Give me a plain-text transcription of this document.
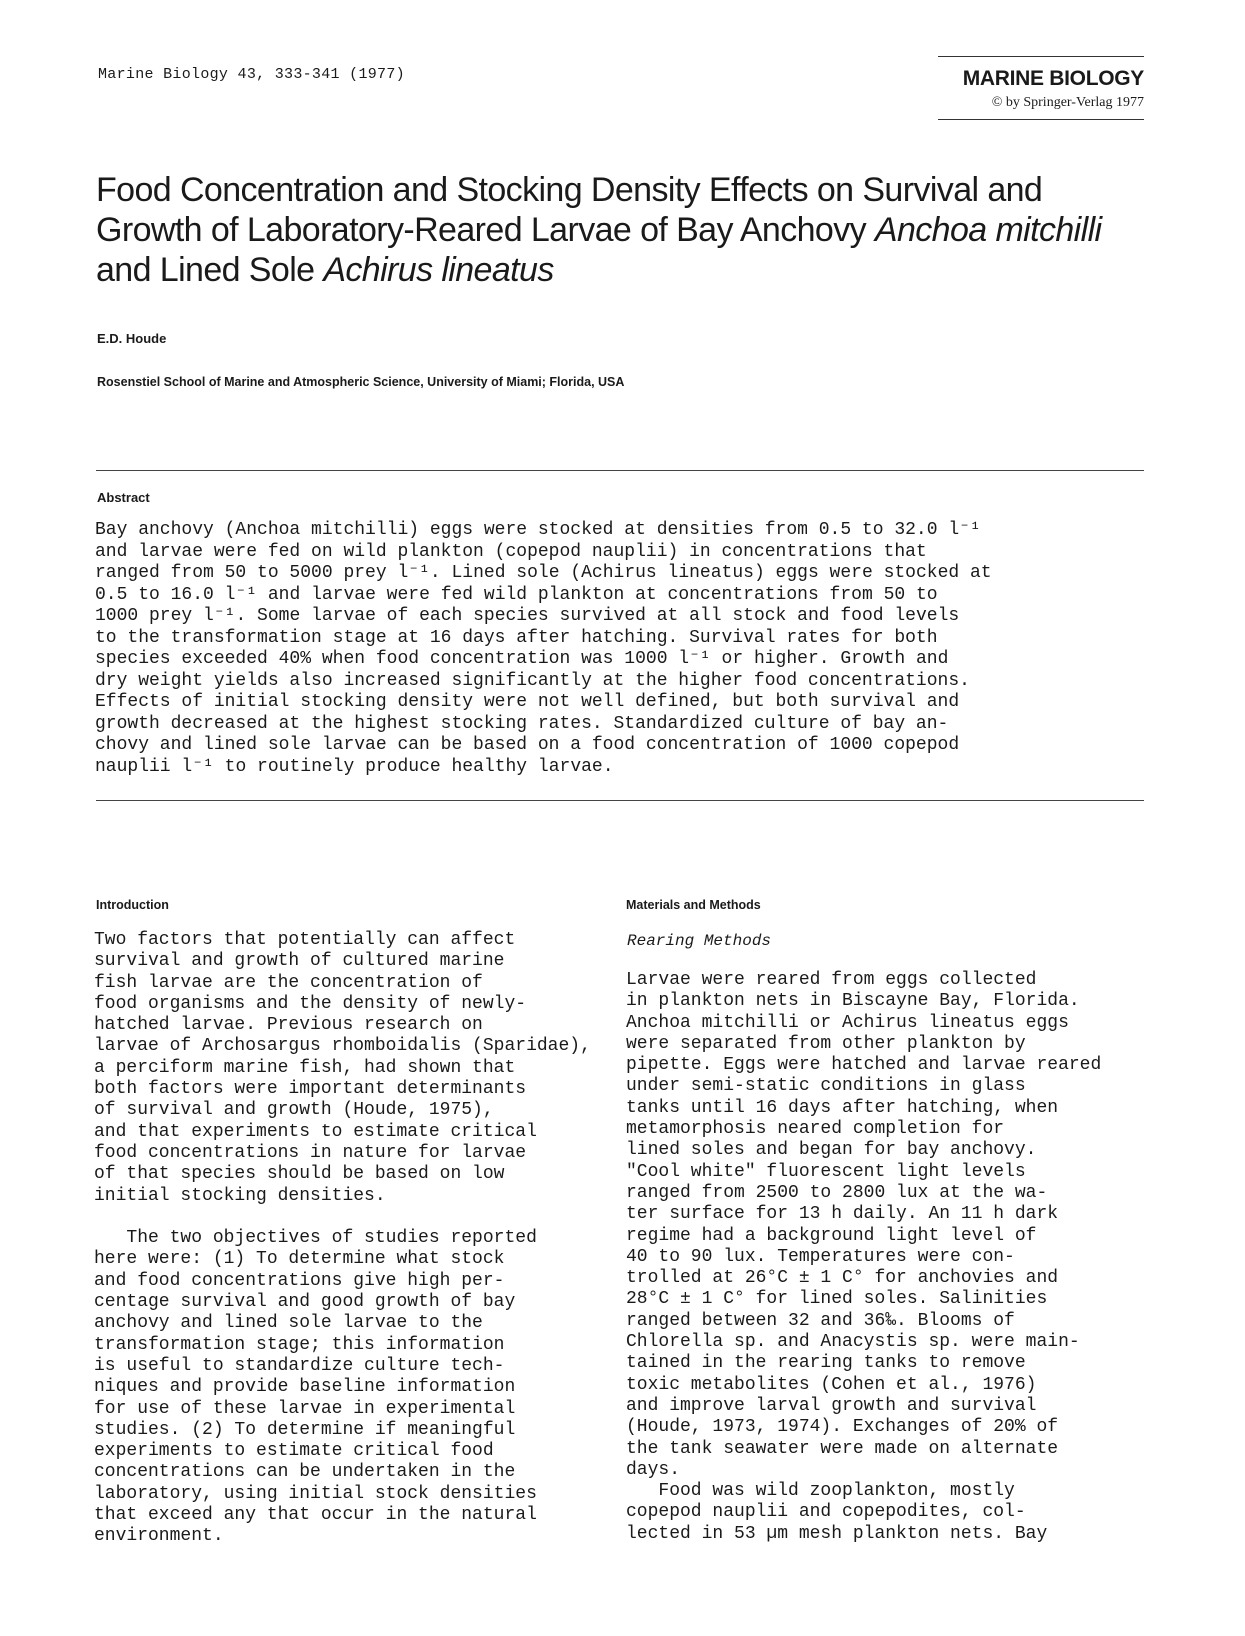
Marine Biology 43, 333-341 (1977)	MARINE BIOLOGY
© by Springer-Verlag 1977
Food Concentration and Stocking Density Effects on Survival and
Growth of Laboratory-Reared Larvae of Bay Anchovy Anchoa mitchilli
and Lined Sole Achirus lineatus
E.D. Houde
Rosenstiel School of Marine and Atmospheric Science, University of Miami; Florida, USA
Abstract
Bay anchovy (Anchoa mitchilli) eggs were stocked at densities from 0.5 to 32.0 l⁻¹
and larvae were fed on wild plankton (copepod nauplii) in concentrations that
ranged from 50 to 5000 prey l⁻¹. Lined sole (Achirus lineatus) eggs were stocked at
0.5 to 16.0 l⁻¹ and larvae were fed wild plankton at concentrations from 50 to
1000 prey l⁻¹. Some larvae of each species survived at all stock and food levels
to the transformation stage at 16 days after hatching. Survival rates for both
species exceeded 40% when food concentration was 1000 l⁻¹ or higher. Growth and
dry weight yields also increased significantly at the higher food concentrations.
Effects of initial stocking density were not well defined, but both survival and
growth decreased at the highest stocking rates. Standardized culture of bay an-
chovy and lined sole larvae can be based on a food concentration of 1000 copepod
nauplii l⁻¹ to routinely produce healthy larvae.
Introduction
Two factors that potentially can affect
survival and growth of cultured marine
fish larvae are the concentration of
food organisms and the density of newly-
hatched larvae. Previous research on
larvae of Archosargus rhomboidalis (Sparidae),
a perciform marine fish, had shown that
both factors were important determinants
of survival and growth (Houde, 1975),
and that experiments to estimate critical
food concentrations in nature for larvae
of that species should be based on low
initial stocking densities.

The two objectives of studies reported
here were: (1) To determine what stock
and food concentrations give high per-
centage survival and good growth of bay
anchovy and lined sole larvae to the
transformation stage; this information
is useful to standardize culture tech-
niques and provide baseline information
for use of these larvae in experimental
studies. (2) To determine if meaningful
experiments to estimate critical food
concentrations can be undertaken in the
laboratory, using initial stock densities
that exceed any that occur in the natural
environment.
Materials and Methods
Rearing Methods
Larvae were reared from eggs collected
in plankton nets in Biscayne Bay, Florida.
Anchoa mitchilli or Achirus lineatus eggs
were separated from other plankton by
pipette. Eggs were hatched and larvae reared
under semi-static conditions in glass
tanks until 16 days after hatching, when
metamorphosis neared completion for
lined soles and began for bay anchovy.
"Cool white" fluorescent light levels
ranged from 2500 to 2800 lux at the wa-
ter surface for 13 h daily. An 11 h dark
regime had a background light level of
40 to 90 lux. Temperatures were con-
trolled at 26°C ± 1 C° for anchovies and
28°C ± 1 C° for lined soles. Salinities
ranged between 32 and 36‰. Blooms of
Chlorella sp. and Anacystis sp. were main-
tained in the rearing tanks to remove
toxic metabolites (Cohen et al., 1976)
and improve larval growth and survival
(Houde, 1973, 1974). Exchanges of 20% of
the tank seawater were made on alternate
days.
Food was wild zooplankton, mostly
copepod nauplii and copepodites, col-
lected in 53 µm mesh plankton nets. Bay
